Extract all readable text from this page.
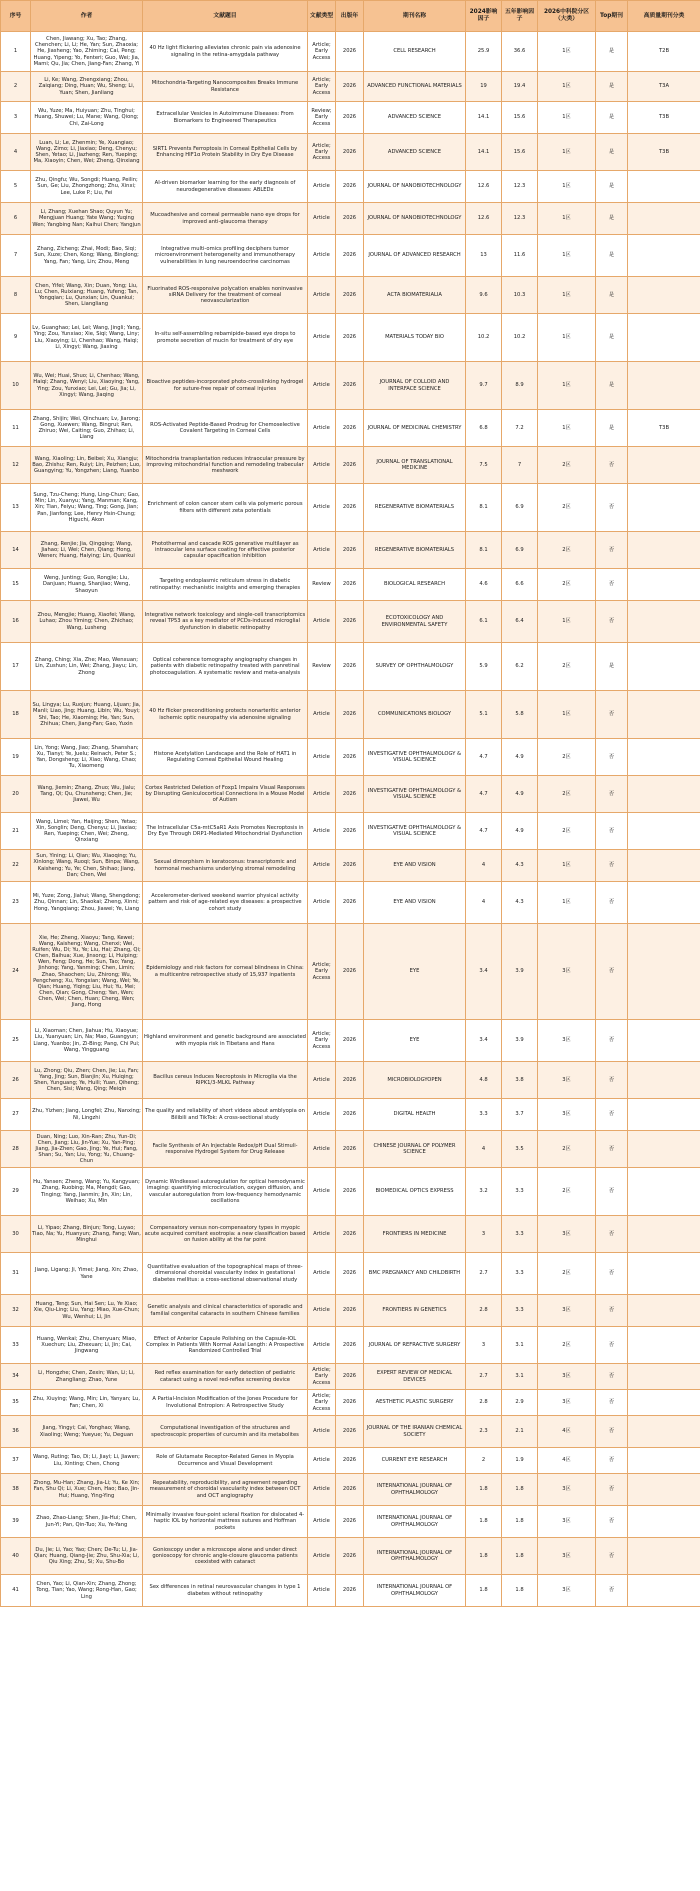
序号	作者	文献题目	文献类型	出版年	期刊名称	2024影响因子	五年影响因子	2026中科院分区（大类）	Top期刊	高质量期刊分类
1	Chen, Jiawang; Xu, Tao; Zhang, Chenchen; Li, Li; He, Yan; Sun, Zhaoxia; He, Jiasheng; Yao, Zhiming; Cai, Peng; Huang, Yipeng; Yo, Fenteri; Guo, Wei; Jia, Mami; Qu, Jia; Chen, Jiang-Fan; Zhang, Yi	40 Hz light flickering alleviates chronic pain via adenosine signaling in the retina-amygdala pathway	Article; Early Access	2026	CELL RESEARCH	25.9	36.6	1区	是	T2B
2	Li, Ke; Wang, Zhengxiang; Zhou, Zaiqiang; Ding, Huan; Wu, Sheng; Li, Yuan; Shen, Jianliang	Mitochondria-Targeting Nanocomposites Breaks Immune Resistance	Article; Early Access	2026	ADVANCED FUNCTIONAL MATERIALS	19	19.4	1区	是	T3A
3	Wu, Yuze; Ma, Huiyuan; Zhu, Tinghui; Huang, Shuwei; Lu, Mane; Wang, Qiong; Chi, Zai-Long	Extracellular Vesicles in Autoimmune Diseases: From Biomarkers to Engineered Therapeutics	Review; Early Access	2026	ADVANCED SCIENCE	14.1	15.6	1区	是	T3B
4	Luan, Li; Le, Zhenmin; Ye, Xuangiao; Wang, Zimo; Li, Jiaxiao; Deng, Chenyu; Shen, Yetao; Li, Jiazheng; Ren, Yueping; Ma, Xiaoyin; Chen, Wei; Zheng, Qinxiang	SIRT1 Prevents Ferroptosis in Corneal Epithelial Cells by Enhancing HIF1α Protein Stability in Dry Eye Disease	Article; Early Access	2026	ADVANCED SCIENCE	14.1	15.6	1区	是	T3B
5	Zhu, Qingfu; Wu, Songdi; Huang, Peilin; Sun, Ge; Liu, Zhongzhong; Zhu, Xinxi; Lee, Luke P.; Liu, Fei	AI-driven biomarker learning for the early diagnosis of neurodegenerative diseases: ABLEDx	Article	2026	JOURNAL OF NANOBIOTECHNOLOGY	12.6	12.3	1区	是	
6	Li, Zhang; Xuehan Shao; Quyun Yu; Mengjuan Huang; Yate Wang; Yuqing Wen; Yangbing Nan; Kaihui Chen; Yangjun	Mucoadhesive and corneal permeable nano eye drops for improved anti-glaucoma therapy	Article	2026	JOURNAL OF NANOBIOTECHNOLOGY	12.6	12.3	1区	是	
7	Zhang, Zicheng; Zhai, Modi; Bao, Siqi; Sun, Xuze; Chen, Kong; Wang, Binglong; Yang, Fan; Yang, Lin; Zhou, Meng	Integrative multi-omics profiling deciphers tumor microenvironment heterogeneity and immunotherapy vulnerabilities in lung neuroendocrine carcinomas	Article	2026	JOURNAL OF ADVANCED RESEARCH	13	11.6	1区	是	
8	Chen, Yifei; Wang, Xin; Duan, Yong; Liu, Lu; Chen, Ruixiang; Huang, Yufeng; Tan, Yongqian; Lu, Qunxian; Lin, Quankui; Shen, Liangliang	Fluorinated ROS-responsive polycation enables noninvasive siRNA Delivery for the treatment of corneal neovascularization	Article	2026	ACTA BIOMATERIALIA	9.6	10.3	1区	是	
9	Lv, Guanghao; Lei, Lei; Wang, Jingli; Yang, Ying; Zou, Yunxiao; Xie, Siqi; Wang, Liny; Liu, Xiaoying; Li, Chenhao; Wang, Haiqi; Li, Xingyi; Wang, Jiaxing	In-situ self-assembling rebamipide-based eye drops to promote secretion of mucin for treatment of dry eye	Article	2026	MATERIALS TODAY BIO	10.2	10.2	1区	是	
10	Wu, Wei; Huai, Shuo; Li, Chenhao; Wang, Haiqi; Zhang, Wenyi; Liu, Xiaoying; Yang, Ying; Zou, Yunxiao; Lei, Lei; Gu, Jia; Li, Xingyi; Wang, Jiaqing	Bioactive peptides-incorporated photo-crosslinking hydrogel for suture-free repair of corneal injuries	Article	2026	JOURNAL OF COLLOID AND INTERFACE SCIENCE	9.7	8.9	1区	是	
11	Zhang, Shijin; Wei, Qinchuan; Lv, Jiarong; Gong, Xuewen; Wang, Bingrui; Ren, Zhiruo; Wei, Caiting; Guo, Zhihao; Li, Liang	ROS-Activated Peptide-Based Prodrug for Chemoselective Covalent Targeting in Corneal Cells	Article	2026	JOURNAL OF MEDICINAL CHEMISTRY	6.8	7.2	1区	是	T3B
12	Wang, Xiaoling; Lin, Beibei; Xu, Xiangju; Bao, Zhishu; Ren, Ruiyi; Lin, Peizhen; Luo, Guangying; Yu, Yongzhen; Liang, Yuanbo	Mitochondria transplantation reduces intraocular pressure by improving mitochondrial function and remodeling trabecular meshwork	Article	2026	JOURNAL OF TRANSLATIONAL MEDICINE	7.5	7	2区	否	
13	Sung, Tzu-Cheng; Hung, Ling-Chun; Gao, Min; Lin, Xuanyu; Yang, Manman; Kang, Xin; Tian, Feiyu; Wang, Ting; Gong, Jian; Pan, Jianfong; Lee, Henry Hsin-Chung; Higuchi, Akon	Enrichment of colon cancer stem cells via polymeric porous filters with different zeta potentials	Article	2026	REGENERATIVE BIOMATERIALS	8.1	6.9	2区	否	
14	Zhang, Renjie; Jia, Qingqing; Wang, Jiahao; Li, Wei; Chen, Qiang; Hong, Wenen; Huang, Haiying; Lin, Quankui	Photothermal and cascade ROS generative multilayer as intraocular lens surface coating for effective posterior capsular opacification inhibition	Article	2026	REGENERATIVE BIOMATERIALS	8.1	6.9	2区	否	
15	Weng, Junting; Guo, Rongjie; Liu, Danjuan; Huang, Shanjiao; Weng, Shaoyun	Targeting endoplasmic reticulum stress in diabetic retinopathy: mechanistic insights and emerging therapies	Review	2026	BIOLOGICAL RESEARCH	4.6	6.6	2区	否	
16	Zhou, Mengjie; Huang, Xiaofei; Wang, Luhao; Zhou Yiming; Chen, Zhichao; Wang, Lusheng	Integrative network toxicology and single-cell transcriptomics reveal TP53 as a key mediator of PCDs-induced microglial dysfunction in diabetic retinopathy	Article	2026	ECOTOXICOLOGY AND ENVIRONMENTAL SAFETY	6.1	6.4	1区	否	
17	Zhang, Ching; Xia, Zhe; Mao, Wenxuan; Lin, Zushun; Lin, Wei; Zhang, Jiayu; Lin, Zhong	Optical coherence tomography angiography changes in patients with diabetic retinopathy treated with panretinal photocoagulation. A systematic review and meta-analysis	Review	2026	SURVEY OF OPHTHALMOLOGY	5.9	6.2	2区	是	
18	Su, Lingya; Lu, Ruojun; Huang, Lijuan; Jia, Manli; Liao, Jing; Huang, Libin; Wu, Youyi; Shi, Tao; He, Xiaoming; He, Yan; Sun, Zhihua; Chen, Jiang-Fan; Gao, Yuxin	40 Hz flicker preconditioning protects nonarteritic anterior ischemic optic neuropathy via adenosine signaling	Article	2026	COMMUNICATIONS BIOLOGY	5.1	5.8	1区	否	
19	Lin, Yong; Wang, Jiao; Zhang, Shanshan; Xu, Tianyi; Ye, Juelu; Reinach, Peter S.; Yan, Dongsheng; Li, Xiao; Wang, Chao; Tu, Xiaomeng	Histone Acetylation Landscape and the Role of HAT1 in Regulating Corneal Epithelial Wound Healing	Article	2026	INVESTIGATIVE OPHTHALMOLOGY & VISUAL SCIENCE	4.7	4.9	2区	否	
20	Wang, Jiemin; Zhang, Zhuo; Wu, Jialu; Tang, Qi; Qu, Chunsheng; Chen, Jie; Jiawei, Wu	Cortex Restricted Deletion of Foxp1 Impairs Visual Responses by Disrupting Geniculocortical Connections in a Mouse Model of Autism	Article	2026	INVESTIGATIVE OPHTHALMOLOGY & VISUAL SCIENCE	4.7	4.9	2区	否	
21	Wang, Limei; Yan, Haijing; Shen, Yetao; Xin, Songlin; Deng, Chenyu; Li, Jiaxiao; Ren, Yueping; Chen, Wei; Zheng, Qinxiang	The Intracellular C5a-mtC5aR1 Axis Promotes Necroptosis in Dry Eye Through DRP1-Mediated Mitochondrial Dysfunction	Article	2026	INVESTIGATIVE OPHTHALMOLOGY & VISUAL SCIENCE	4.7	4.9	2区	否	
22	Sun, Yining; Li, Qian; Wu, Xiaoqing; Yu, Xinlong; Wang, Ruoqi; Sun, Binpa; Wang, Kaisheng; Yu, Ye; Chen, Shihao; Jiang, Dan; Chen, Wei	Sexual dimorphism in keratoconus: transcriptomic and hormonal mechanisms underlying stromal remodeling	Article	2026	EYE AND VISION	4	4.3	1区	否	
23	Mi, Yuze; Zong, Jiahui; Wang, Shengdong; Zhu, Qinnan; Lin, Shaokai; Zheng, Xinni; Hong, Yangqiang; Zhou, Jiawei; Ye, Liang	Accelerometer-derived weekend warrior physical activity pattern and risk of age-related eye diseases: a prospective cohort study	Article	2026	EYE AND VISION	4	4.3	1区	否	
24	Xie, He; Zheng, Xiaoyu; Tang, Kewei; Wang, Kaisheng; Wang, Chenxi; Wei, Ruifen; Wu, Di; Yu, Ye; Liu, Hai; Zhang, Qi; Chen, Baihua; Xue, Jinsong; Li, Huiping; Wen, Feng; Dong, He; Sun, Tao; Yang, Jinhong; Yang, Yanming; Chen, Limin; Zhao, Shaochen; Liu, Zhirong; Wu, Pengcheng; Xu, Yongxian; Wang, Wei; Ye, Qian; Huang, Yiqing; Liu, Hui; Yu, Mei; Chen, Qian; Gong, Cheng; Yan, Wen; Chen, Wei; Chen, Huan; Cheng, Wen; Jiang, Hong	Epidemiology and risk factors for corneal blindness in China: a multicentre retrospective study of 15,937 inpatients	Article; Early Access	2026	EYE	3.4	3.9	3区	否	
25	Li, Xiaoman; Chen, Jiahua; Hu, Xiaoyue; Liu, Yuanyuan; Lin, Na; Mao, Guangyun; Liang, Yuanbo; Jin, Zi-Bing; Pang, Chi Pui; Wang, Yingguang	Highland environment and genetic background are associated with myopia risk in Tibetans and Hans	Article; Early Access	2026	EYE	3.4	3.9	3区	否	
26	Lu, Zhong; Qiu, Zhen; Chen, Jie; Lu, Fan; Yang, Jing; Sun, Bianjin; Xu, Huiqing; Shen, Yunguang; Ye, Huili; Yuan, Qiheng; Chen, Sisi; Wang, Qing; Meiqin	Bacillus cereus Induces Necroptosis in Microglia via the RIPK1/3-MLKL Pathway	Article	2026	MICROBIOLOGYOPEN	4.8	3.8	3区	否	
27	Zhu, Yizhen; Jiang, Longfei; Zhu, Nanxing; Ni, Lingzhi	The quality and reliability of short videos about amblyopia on Bilibili and TikTok: A cross-sectional study	Article	2026	DIGITAL HEALTH	3.3	3.7	3区	否	
28	Duan, Ning; Luo, Xin-Ran; Zhu, Yun-Di; Chen, Jiang; Liu, Jin-Yue; Xu, Yan-Ping; Jiang, Jia-Zhen; Gao, Jing; Ye, Hui; Fang, Shan; Su, Yan; Liu, Yong; Yu, Chuang-Chun	Facile Synthesis of An Injectable Redox/pH Dual Stimuli-responsive Hydrogel System for Drug Release	Article	2026	CHINESE JOURNAL OF POLYMER SCIENCE	4	3.5	2区	否	
29	Hu, Yansen; Zheng, Wang; Yu, Kangyuan; Zhang, Ruobing; Ma, Mengdi; Gao, Tinging; Yang, Jianmin; Jin, Xin; Lin, Weihao; Xu, Min	Dynamic Windkessel autoregulation for optical hemodynamic imaging: quantifying microcirculation, oxygen diffusion, and vascular autoregulation from low-frequency hemodynamic oscillations	Article	2026	BIOMEDICAL OPTICS EXPRESS	3.2	3.3	2区	否	
30	Li, Yipao; Zhang, Binjun; Tong, Luyao; Tiao, Na; Yu, Huanyun; Zhang, Fang; Wan, Minghui	Compensatory versus non-compensatory types in myopic acute acquired comitant esotropia: a new classification based on fusion ability at the far point	Article	2026	FRONTIERS IN MEDICINE	3	3.3	3区	否	
31	Jiang, Ligang; Ji, Yimei; Jiang, Xin; Zhao, Yane	Quantitative evaluation of the topographical maps of three-dimensional choroidal vascularity index in gestational diabetes mellitus: a cross-sectional observational study	Article	2026	BMC PREGNANCY AND CHILDBIRTH	2.7	3.3	2区	否	
32	Huang, Teng; Sun, Hai Sen; Lu, Ye Xiao; Xie, Qiu-Ling; Liu, Yang; Miao, Xue-Chun; Wu, Wenhui; Li, Jin	Genetic analysis and clinical characteristics of sporadic and familial congenital cataracts in southern Chinese families	Article	2026	FRONTIERS IN GENETICS	2.8	3.3	3区	否	
33	Huang, Wenkai; Zhu, Chenyuan; Miao, Xuechun; Liu, Zhexuan; Li, Jin; Cai, Jingwang	Effect of Anterior Capsule Polishing on the Capsule-IOL Complex in Patients With Normal Axial Length: A Prospective Randomized Controlled Trial	Article	2026	JOURNAL OF REFRACTIVE SURGERY	3	3.1	2区	否	
34	Li, Hongzhe; Chen, Zexin; Wan, Li; Li, Zhangliang; Zhao, Yune	Red reflex examination for early detection of pediatric cataract using a novel red-reflex screening device	Article; Early Access	2026	EXPERT REVIEW OF MEDICAL DEVICES	2.7	3.1	3区	否	
35	Zhu, Xiuying; Wang, Min; Lin, Yanyan; Lu, Fan; Chen, Xi	A Partial-Incision Modification of the Jones Procedure for Involutional Entropion: A Retrospective Study	Article; Early Access	2026	AESTHETIC PLASTIC SURGERY	2.8	2.9	3区	否	
36	Jiang, Yingyi; Cai, Yonghao; Wang, Xiaoling; Weng; Yueyue; Yu, Deguan	Computational investigation of the structures and spectroscopic properties of curcumin and its metabolites	Article	2026	JOURNAL OF THE IRANIAN CHEMICAL SOCIETY	2.3	2.1	4区	否	
37	Wang, Ruting; Tao, Di; Li, Jiayi; Li, Jiawen; Liu, Xinting; Chen, Chong	Role of Glutamate Receptor-Related Genes in Myopia Occurrence and Visual Development	Article	2026	CURRENT EYE RESEARCH	2	1.9	4区	否	
38	Zhong, Mu-Han; Zhang, Jia-Li; Yu, Ke Xin; Fan, Shu Qi; Li, Xue; Chen, Hao; Bao, Jin-Hui; Huang, Ying-Ying	Repeatability, reproducibility, and agreement regarding measurement of choroidal vascularity index between OCT and OCT angiography	Article	2026	INTERNATIONAL JOURNAL OF OPHTHALMOLOGY	1.8	1.8	3区	否	
39	Zhao, Zhao-Liang; Shen, Jia-Hui; Chen, Jun-Yi; Pan, Qin-Tuo; Xu, Ye-Yang	Minimally invasive four-point scleral fixation for dislocated 4-haptic IOL by horizontal mattress sutures and Hoffman pockets	Article	2026	INTERNATIONAL JOURNAL OF OPHTHALMOLOGY	1.8	1.8	3区	否	
40	Du, Jie; Li, Yao; Yao; Chen; De-Tu; Li, Jia-Qian; Huang, Qiang-Jie; Zhu, Shu-Xia; Li, Qiu Xing; Zhu, Si; Xu, Shu-Bo	Gonioscopy under a microscope alone and under direct gonioscopy for chronic angle-closure glaucoma patients coexisted with cataract	Article	2026	INTERNATIONAL JOURNAL OF OPHTHALMOLOGY	1.8	1.8	3区	否	
41	Chen, Yao; Li, Qian-Xin; Zhang, Zhong; Tong, Tian; Yao, Wang; Rong-Han, Gao; Ling	Sex differences in retinal neurovascular changes in type 1 diabetes without retinopathy	Article	2026	INTERNATIONAL JOURNAL OF OPHTHALMOLOGY	1.8	1.8	3区	否	
